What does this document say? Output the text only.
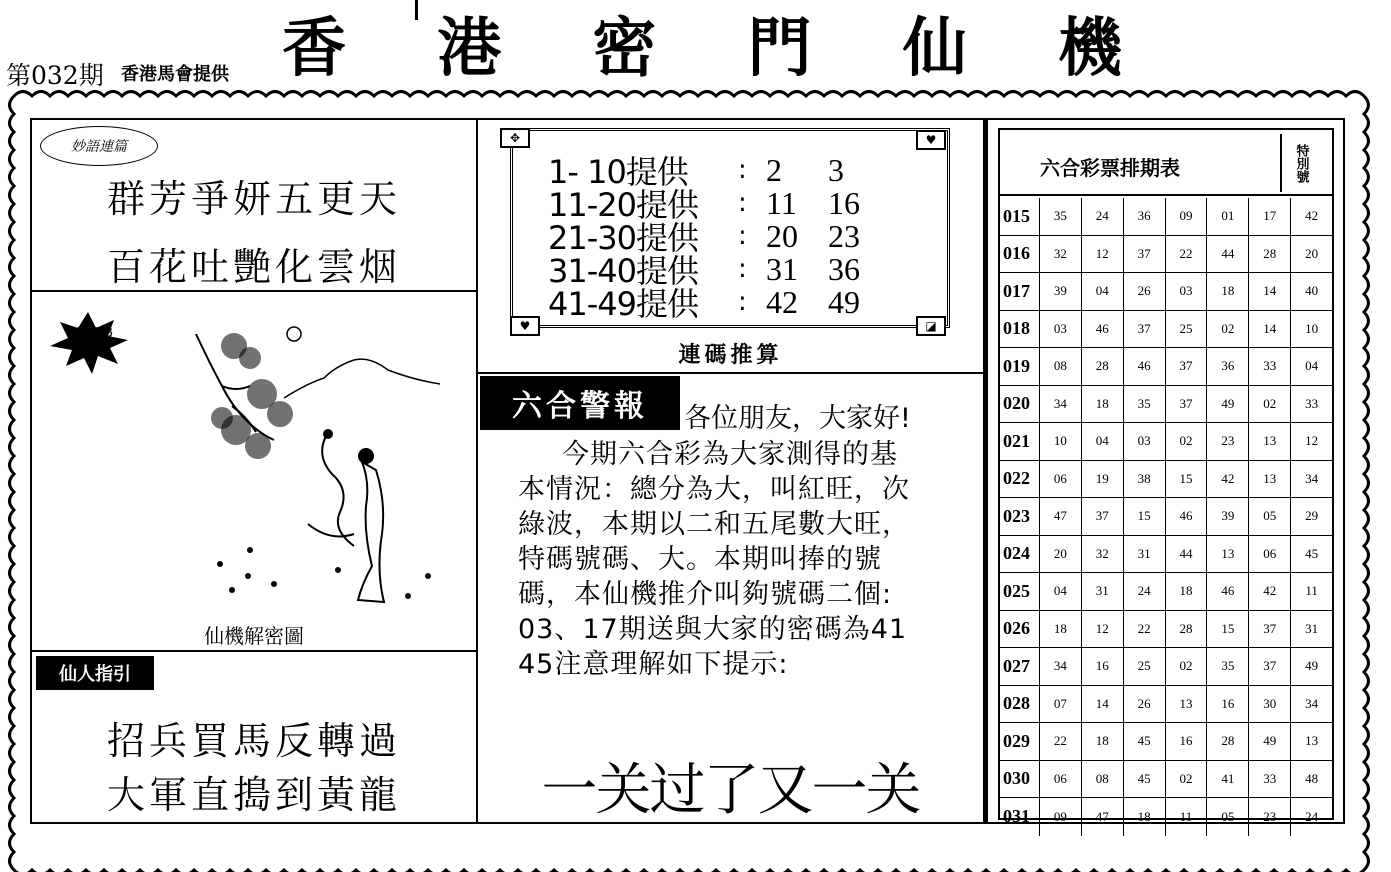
第032期 香港馬會提供 香 港 密 門 仙 機
妙語連篇
群芳爭妍五更天
百花吐艷化雲烟
四肖兄弟
仙機解密圖
仙人指引
招兵買馬反轉過
大軍直搗到黃龍
✥	♥
♥	◪
1- 10提供	: 2	3
11-20提供	: 11 16
21-30提供	: 20 23
31-40提供	: 31 36
41-49提供	: 42 49
連碼推算
六合警報	各位朋友，大家好!
今期六合彩為大家測得的基
本情況：總分為大，叫紅旺，次
綠波，本期以二和五尾數大旺，
特碼號碼、大。本期叫捧的號
碼，本仙機推介叫夠號碼二個:
03、17期送與大家的密碼為41
45注意理解如下提示:
一关过了又一关
六合彩票排期表	特別號
015	35	24	36	09	01	17	42
016	32	12	37	22	44	28	20
017	39	04	26	03	18	14	40
018	03	46	37	25	02	14	10
019	08	28	46	37	36	33	04
020	34	18	35	37	49	02	33
021	10	04	03	02	23	13	12
022	06	19	38	15	42	13	34
023	47	37	15	46	39	05	29
024	20	32	31	44	13	06	45
025	04	31	24	18	46	42	11
026	18	12	22	28	15	37	31
027	34	16	25	02	35	37	49
028	07	14	26	13	16	30	34
029	22	18	45	16	28	49	13
030	06	08	45	02	41	33	48
031	09	47	18	11	05	23	24
